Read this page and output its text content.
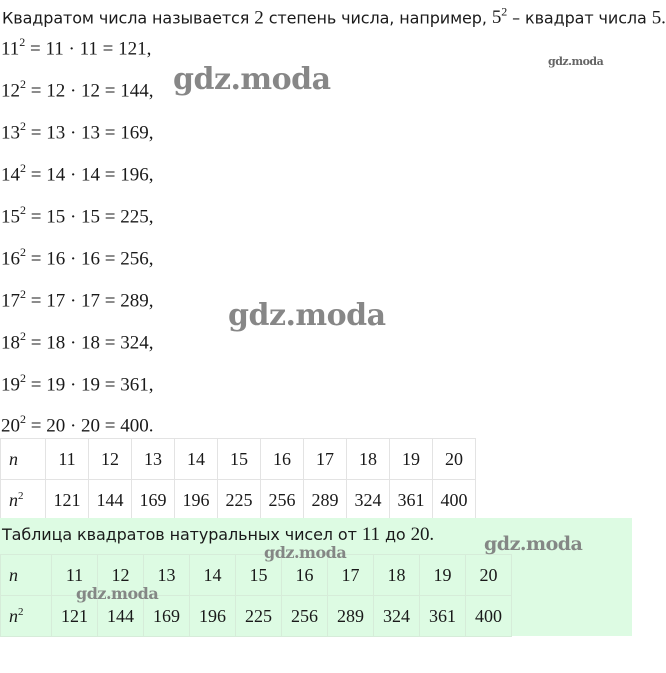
Квадратом числа называется 2 степень числа, например, $5^2$ – квадрат числа 5.
$11^2 = 11 \cdot 11 = 121$,
$12^2 = 12 \cdot 12 = 144$,
$13^2 = 13 \cdot 13 = 169$,
$14^2 = 14 \cdot 14 = 196$,
$15^2 = 15 \cdot 15 = 225$,
$16^2 = 16 \cdot 16 = 256$,
$17^2 = 17 \cdot 17 = 289$,
$18^2 = 18 \cdot 18 = 324$,
$19^2 = 19 \cdot 19 = 361$,
$20^2 = 20 \cdot 20 = 400$.
n	11	12	13	14	15	16	17	18	19	20
$n^2$	121	144	169	196	225	256	289	324	361	400
Таблица квадратов натуральных чисел от 11 до 20.
n	11	12	13	14	15	16	17	18	19	20
$n^2$	121	144	169	196	225	256	289	324	361	400
gdz.moda
gdz.moda
gdz.moda
gdz.moda
gdz.moda
gdz.moda
